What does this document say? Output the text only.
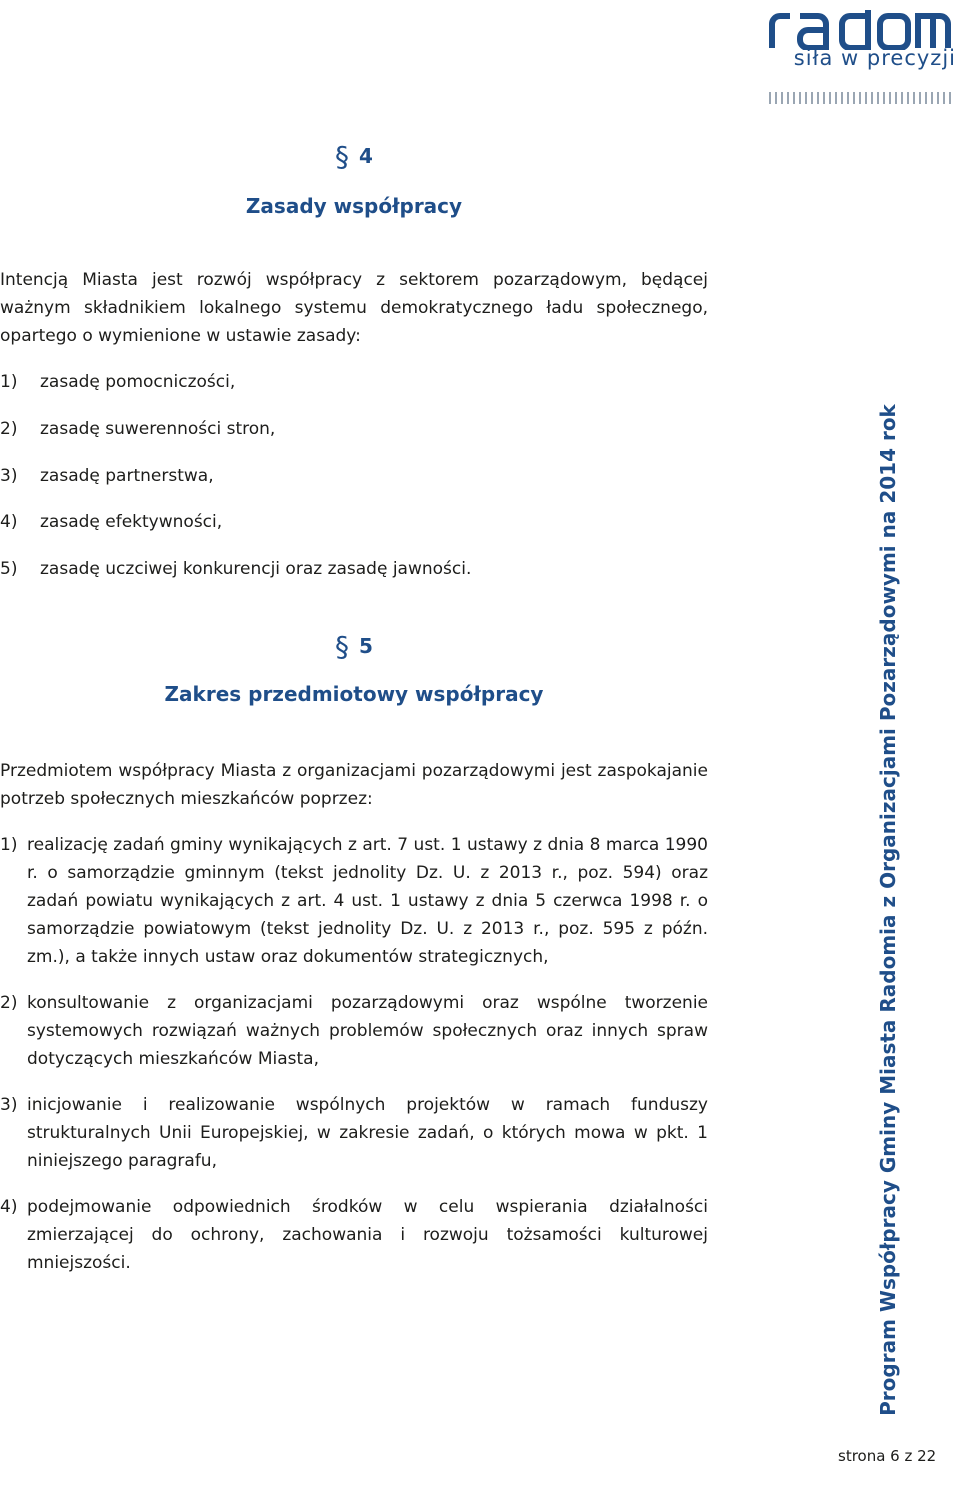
radom
siła w precyzji
Program Współpracy Gminy Miasta Radomia z Organizacjami Pozarządowymi na 2014 rok
§ 4
Zasady współpracy
Intencją Miasta jest rozwój współpracy z sektorem pozarządowym, będącej ważnym składnikiem lokalnego systemu demokratycznego ładu społecznego, opartego o wymienione w ustawie zasady:
1) zasadę pomocniczości,
2) zasadę suwerenności stron,
3) zasadę partnerstwa,
4) zasadę efektywności,
5) zasadę uczciwej konkurencji oraz zasadę jawności.
§ 5
Zakres przedmiotowy współpracy
Przedmiotem współpracy Miasta z organizacjami pozarządowymi jest zaspokajanie potrzeb społecznych mieszkańców poprzez:
1) realizację zadań gminy wynikających z art. 7 ust. 1 ustawy z dnia 8 marca 1990 r. o samorządzie gminnym (tekst jednolity Dz. U. z 2013 r., poz. 594) oraz zadań powiatu wynikających z art. 4 ust. 1 ustawy z dnia 5 czerwca 1998 r. o samorządzie powiatowym (tekst jednolity Dz. U. z 2013 r., poz. 595 z późn. zm.), a także innych ustaw oraz dokumentów strategicznych,
2) konsultowanie z organizacjami pozarządowymi oraz wspólne tworzenie systemowych rozwiązań ważnych problemów społecznych oraz innych spraw dotyczących mieszkańców Miasta,
3) inicjowanie i realizowanie wspólnych projektów w ramach funduszy strukturalnych Unii Europejskiej, w zakresie zadań, o których mowa w pkt. 1 niniejszego paragrafu,
4) podejmowanie odpowiednich środków w celu wspierania działalności zmierzającej do ochrony, zachowania i rozwoju tożsamości kulturowej mniejszości.
strona 6 z 22
